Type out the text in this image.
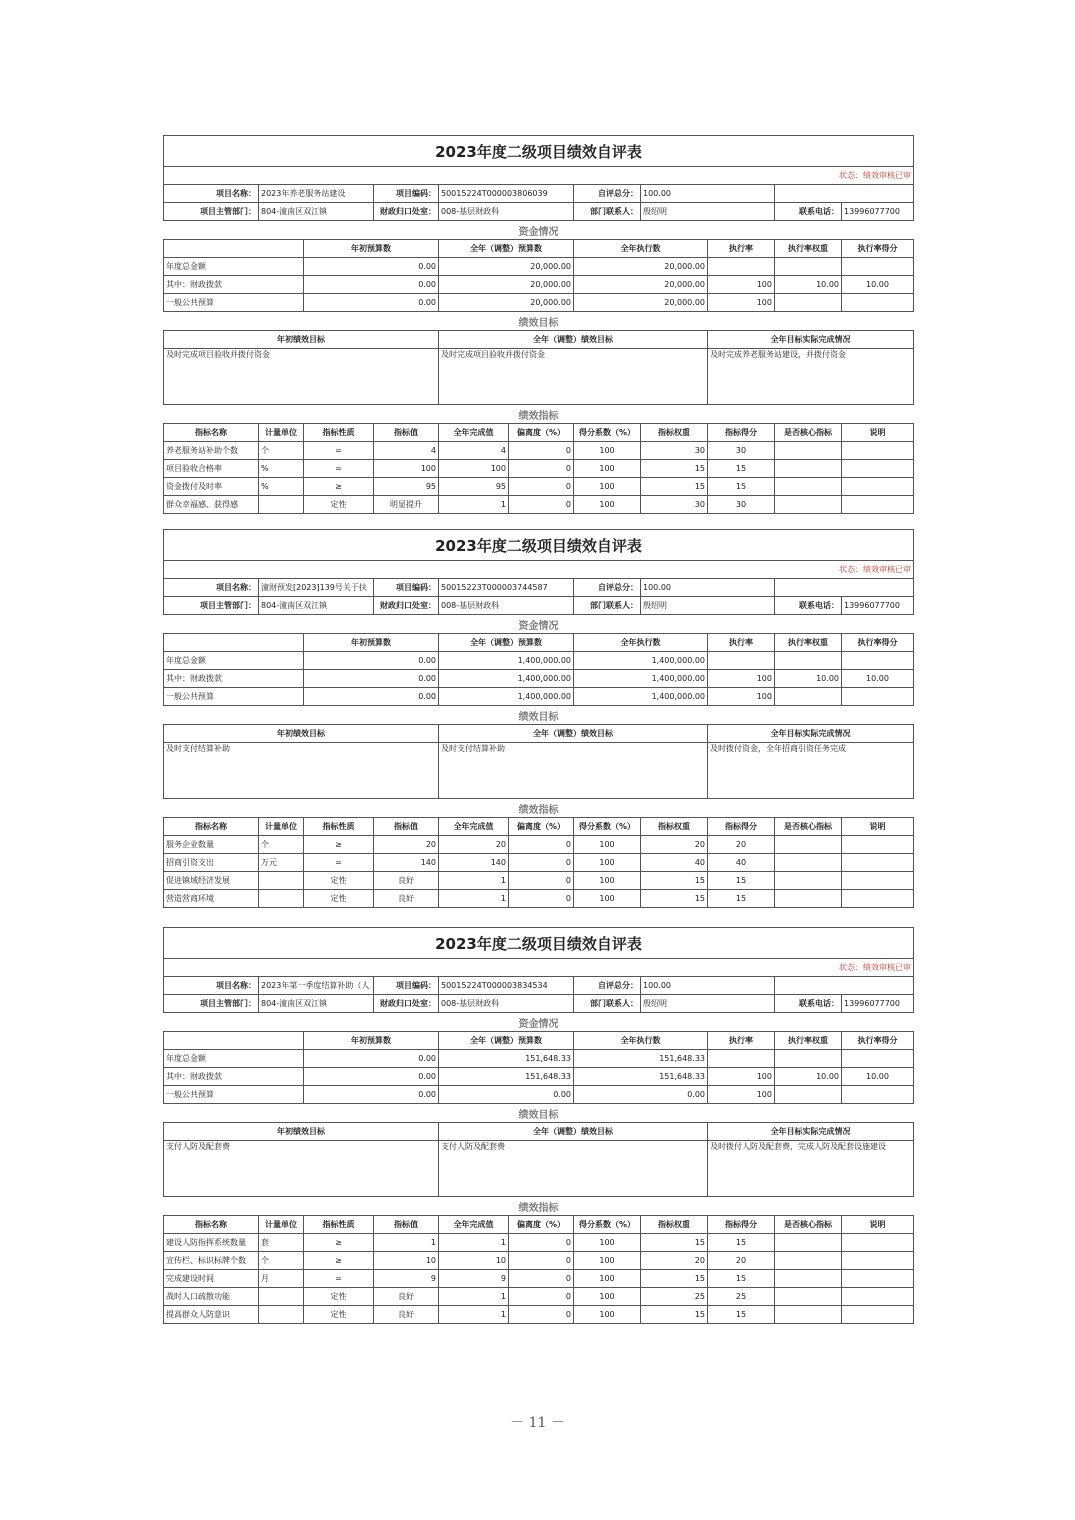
2023年度二级项目绩效自评表										
状态：绩效审核已审										
项目名称：	2023年养老服务站建设		项目编码：	50015224T000003806039		自评总分：	100.00			
项目主管部门：	804-潼南区双江镇		财政归口处室：	008-基层财政科		部门联系人：	殷绍明		联系电话：	13996077700
资金情况										
		年初预算数		全年（调整）预算数		全年执行数		执行率	执行率权重	执行率得分
年度总金额		0.00		20,000.00		20,000.00				
其中：财政拨款		0.00		20,000.00		20,000.00		100	10.00	10.00
一般公共预算		0.00		20,000.00		20,000.00		100		
绩效目标										
年初绩效目标				全年（调整）绩效目标				全年目标实际完成情况		
及时完成项目验收并拨付资金				及时完成项目验收并拨付资金				及时完成养老服务站建设，并拨付资金		
绩效指标										
指标名称	计量单位	指标性质	指标值	全年完成值	偏离度（%）	得分系数（%）	指标权重	指标得分	是否核心指标	说明
养老服务站补助个数	个	=	4	4	0	100	30	30		
项目验收合格率	%	=	100	100	0	100	15	15		
资金拨付及时率	%	≥	95	95	0	100	15	15		
群众幸福感、获得感		定性	明显提升	1	0	100	30	30		
2023年度二级项目绩效自评表										
状态：绩效审核已审										
项目名称：	潼财预发[2023]139号关于扶		项目编码：	50015223T000003744587		自评总分：	100.00			
项目主管部门：	804-潼南区双江镇		财政归口处室：	008-基层财政科		部门联系人：	殷绍明		联系电话：	13996077700
资金情况										
		年初预算数		全年（调整）预算数		全年执行数		执行率	执行率权重	执行率得分
年度总金额		0.00		1,400,000.00		1,400,000.00				
其中：财政拨款		0.00		1,400,000.00		1,400,000.00		100	10.00	10.00
一般公共预算		0.00		1,400,000.00		1,400,000.00		100		
绩效目标										
年初绩效目标				全年（调整）绩效目标				全年目标实际完成情况		
及时支付结算补助				及时支付结算补助				及时拨付资金，全年招商引资任务完成		
绩效指标										
指标名称	计量单位	指标性质	指标值	全年完成值	偏离度（%）	得分系数（%）	指标权重	指标得分	是否核心指标	说明
服务企业数量	个	≥	20	20	0	100	20	20		
招商引资支出	万元	=	140	140	0	100	40	40		
促进镇域经济发展		定性	良好	1	0	100	15	15		
营造营商环境		定性	良好	1	0	100	15	15		
2023年度二级项目绩效自评表										
状态：绩效审核已审										
项目名称：	2023年第一季度结算补助（人		项目编码：	50015224T000003834534		自评总分：	100.00			
项目主管部门：	804-潼南区双江镇		财政归口处室：	008-基层财政科		部门联系人：	殷绍明		联系电话：	13996077700
资金情况										
		年初预算数		全年（调整）预算数		全年执行数		执行率	执行率权重	执行率得分
年度总金额		0.00		151,648.33		151,648.33				
其中：财政拨款		0.00		151,648.33		151,648.33		100	10.00	10.00
一般公共预算		0.00		0.00		0.00		100		
绩效目标										
年初绩效目标				全年（调整）绩效目标				全年目标实际完成情况		
支付人防及配套费				支付人防及配套费				及时拨付人防及配套费，完成人防及配套设施建设		
绩效指标										
指标名称	计量单位	指标性质	指标值	全年完成值	偏离度（%）	得分系数（%）	指标权重	指标得分	是否核心指标	说明
建设人防指挥系统数量	套	≥	1	1	0	100	15	15		
宣传栏、标识标牌个数	个	≥	10	10	0	100	20	20		
完成建设时间	月	=	9	9	0	100	15	15		
战时人口疏散功能		定性	良好	1	0	100	25	25		
提高群众人防意识		定性	良好	1	0	100	15	15		
－ 11 －
